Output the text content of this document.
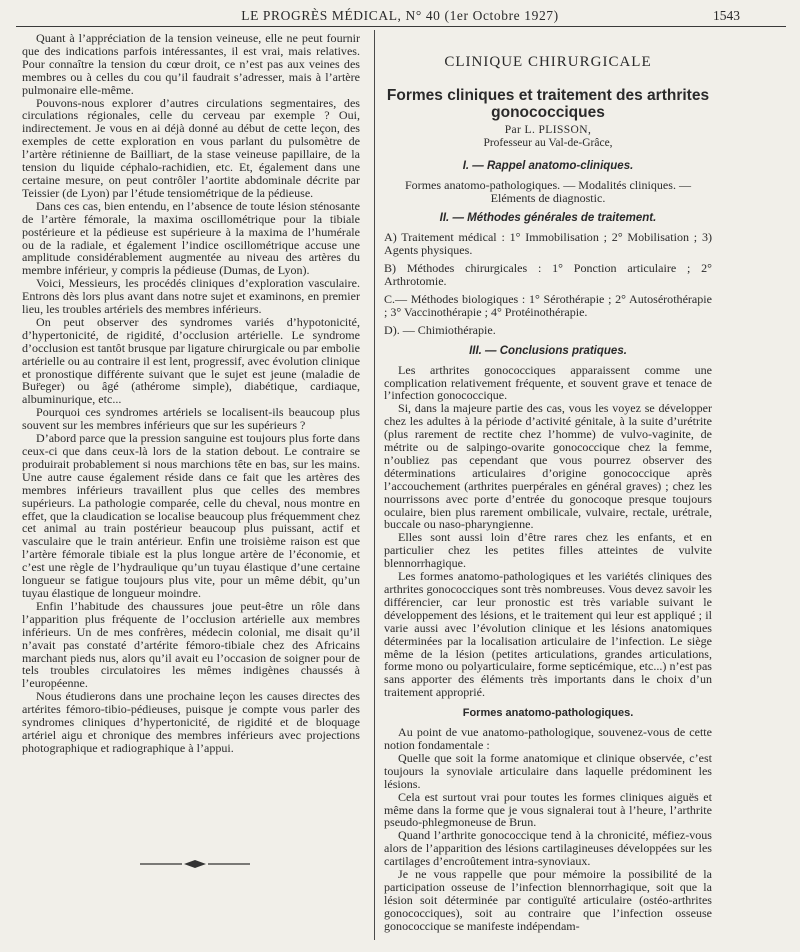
LE PROGRÈS MÉDICAL, N° 40 (1er Octobre 1927)	1543

Quant à l’appréciation de la tension veineuse, elle ne peut fournir que des indications parfois intéressantes, il est vrai, mais relatives. Pour connaître la tension du cœur droit, ce n’est pas aux veines des membres ou à celles du cou qu’il faudrait s’adresser, mais à l’artère pulmonaire elle-même.

Pouvons-nous explorer d’autres circulations segmentaires, des circulations régionales, celle du cerveau par exemple ? Oui, indirectement. Je vous en ai déjà donné au début de cette leçon, des exemples de cette exploration en vous parlant du pulsomètre de l’artère rétinienne de Bailliart, de la stase veineuse papillaire, de la tension du liquide céphalo-rachidien, etc. Et, également dans une certaine mesure, on peut contrôler l’aortite abdominale décrite par Teissier (de Lyon) par l’étude tensiométrique de la pédieuse.

Dans ces cas, bien entendu, en l’absence de toute lésion sténosante de l’artère fémorale, la maxima oscillométrique pour la tibiale postérieure et la pédieuse est supérieure à la maxima de l’humérale ou de la radiale, et également l’indice oscillométrique accuse une amplitude considérablement augmentée au niveau des artères du membre inférieur, y compris la pédieuse (Dumas, de Lyon).

Voici, Messieurs, les procédés cliniques d’exploration vasculaire. Entrons dès lors plus avant dans notre sujet et examinons, en premier lieu, les troubles artériels des membres inférieurs.

On peut observer des syndromes variés d’hypotonicité, d’hypertonicité, de rigidité, d’occlusion artérielle. Le syndrome d’occlusion est tantôt brusque par ligature chirurgicale ou par embolie artérielle ou au contraire il est lent, progressif, avec évolution clinique et pronostique différente suivant que le sujet est jeune (maladie de Bur̈eger) ou âgé (athérome simple), diabétique, cardiaque, albuminurique, etc...

Pourquoi ces syndromes artériels se localisent-ils beaucoup plus souvent sur les membres inférieurs que sur les supérieurs ?

D’abord parce que la pression sanguine est toujours plus forte dans ceux-ci que dans ceux-là lors de la station debout. Le contraire se produirait probablement si nous marchions tête en bas, sur les mains. Une autre cause également réside dans ce fait que les artères des membres inférieurs travaillent plus que celles des membres supérieurs. La pathologie comparée, celle du cheval, nous montre en effet, que la claudication se localise beaucoup plus fréquemment chez cet animal au train postérieur beaucoup plus puissant, actif et vasculaire que le train antérieur. Enfin une troisième raison est que l’artère fémorale tibiale est la plus longue artère de l’économie, et c’est une règle de l’hydraulique qu’un tuyau élastique d’une certaine longueur se fatigue toujours plus vite, pour un même débit, qu’un tuyau élastique de longueur moindre.

Enfin l’habitude des chaussures joue peut-être un rôle dans l’apparition plus fréquente de l’occlusion artérielle aux membres inférieurs. Un de mes confrères, médecin colonial, me disait qu’il n’avait pas constaté d’artérite fémoro-tibiale chez des Africains marchant pieds nus, alors qu’il avait eu l’occasion de soigner pour de tels troubles circulatoires les mêmes indigènes chaussés à l’européenne.

Nous étudierons dans une prochaine leçon les causes directes des artérites fémoro-tibio-pédieuses, puisque je compte vous parler des syndromes cliniques d’hypertonicité, de rigidité et de bloquage artériel aigu et chronique des membres inférieurs avec projections photographique et radiographique à l’appui.

CLINIQUE CHIRURGICALE
Formes cliniques et traitement des arthrites gonococciques
Par L. PLISSON,
Professeur au Val-de-Grâce,
I. — Rappel anatomo-cliniques.

Formes anatomo-pathologiques. — Modalités cliniques. — Eléments de diagnostic.

II. — Méthodes générales de traitement.

A) Traitement médical : 1° Immobilisation ; 2° Mobilisation ; 3) Agents physiques.

B) Méthodes chirurgicales : 1° Ponction articulaire ; 2° Arthrotomie.

C.— Méthodes biologiques : 1° Sérothérapie ; 2° Autosérothérapie ; 3° Vaccinothérapie ; 4° Protéinothérapie.

D). — Chimiothérapie.

III. — Conclusions pratiques.

Les arthrites gonococciques apparaissent comme une complication relativement fréquente, et souvent grave et tenace de l’infection gonococcique.

Si, dans la majeure partie des cas, vous les voyez se développer chez les adultes à la période d’activité génitale, à la suite d’urétrite (plus rarement de rectite chez l’homme) de vulvo-vaginite, de métrite ou de salpingo-ovarite gonococcique chez la femme, n’oubliez pas cependant que vous pourrez observer des déterminations articulaires d’origine gonococcique après l’accouchement (arthrites puerpérales en général graves) ; chez les nourrissons avec porte d’entrée du gonocoque presque toujours oculaire, bien plus rarement ombilicale, vulvaire, rectale, urétrale, buccale ou naso-pharyngienne.

Elles sont aussi loin d’être rares chez les enfants, et en particulier chez les petites filles atteintes de vulvite blennorrhagique.

Les formes anatomo-pathologiques et les variétés cliniques des arthrites gonococciques sont très nombreuses. Vous devez savoir les différencier, car leur pronostic est très variable suivant le développement des lésions, et le traitement qui leur est appliqué ; il varie aussi avec l’évolution clinique et les lésions anatomiques déterminées par la localisation articulaire de l’infection. Le siège même de la lésion (petites articulations, grandes articulations, forme mono ou polyarticulaire, forme septicémique, etc...) n’est pas sans apporter des éléments très importants dans le choix d’un traitement approprié.

Formes anatomo-pathologiques.

Au point de vue anatomo-pathologique, souvenez-vous de cette notion fondamentale :

Quelle que soit la forme anatomique et clinique observée, c’est toujours la synoviale articulaire dans laquelle prédominent les lésions.

Cela est surtout vrai pour toutes les formes cliniques aiguës et même dans la forme que je vous signalerai tout à l’heure, l’arthrite pseudo-phlegmoneuse de Brun.

Quand l’arthrite gonococcique tend à la chronicité, méfiez-vous alors de l’apparition des lésions cartilagineuses développées sur les cartilages d’encroûtement intra-synoviaux.

Je ne vous rappelle que pour mémoire la possibilité de la participation osseuse de l’infection blennorrhagique, soit que la lésion soit déterminée par contiguïté articulaire (ostéo-arthrites gonococciques), soit au contraire que l’infection osseuse gonococcique se manifeste indépendam-
